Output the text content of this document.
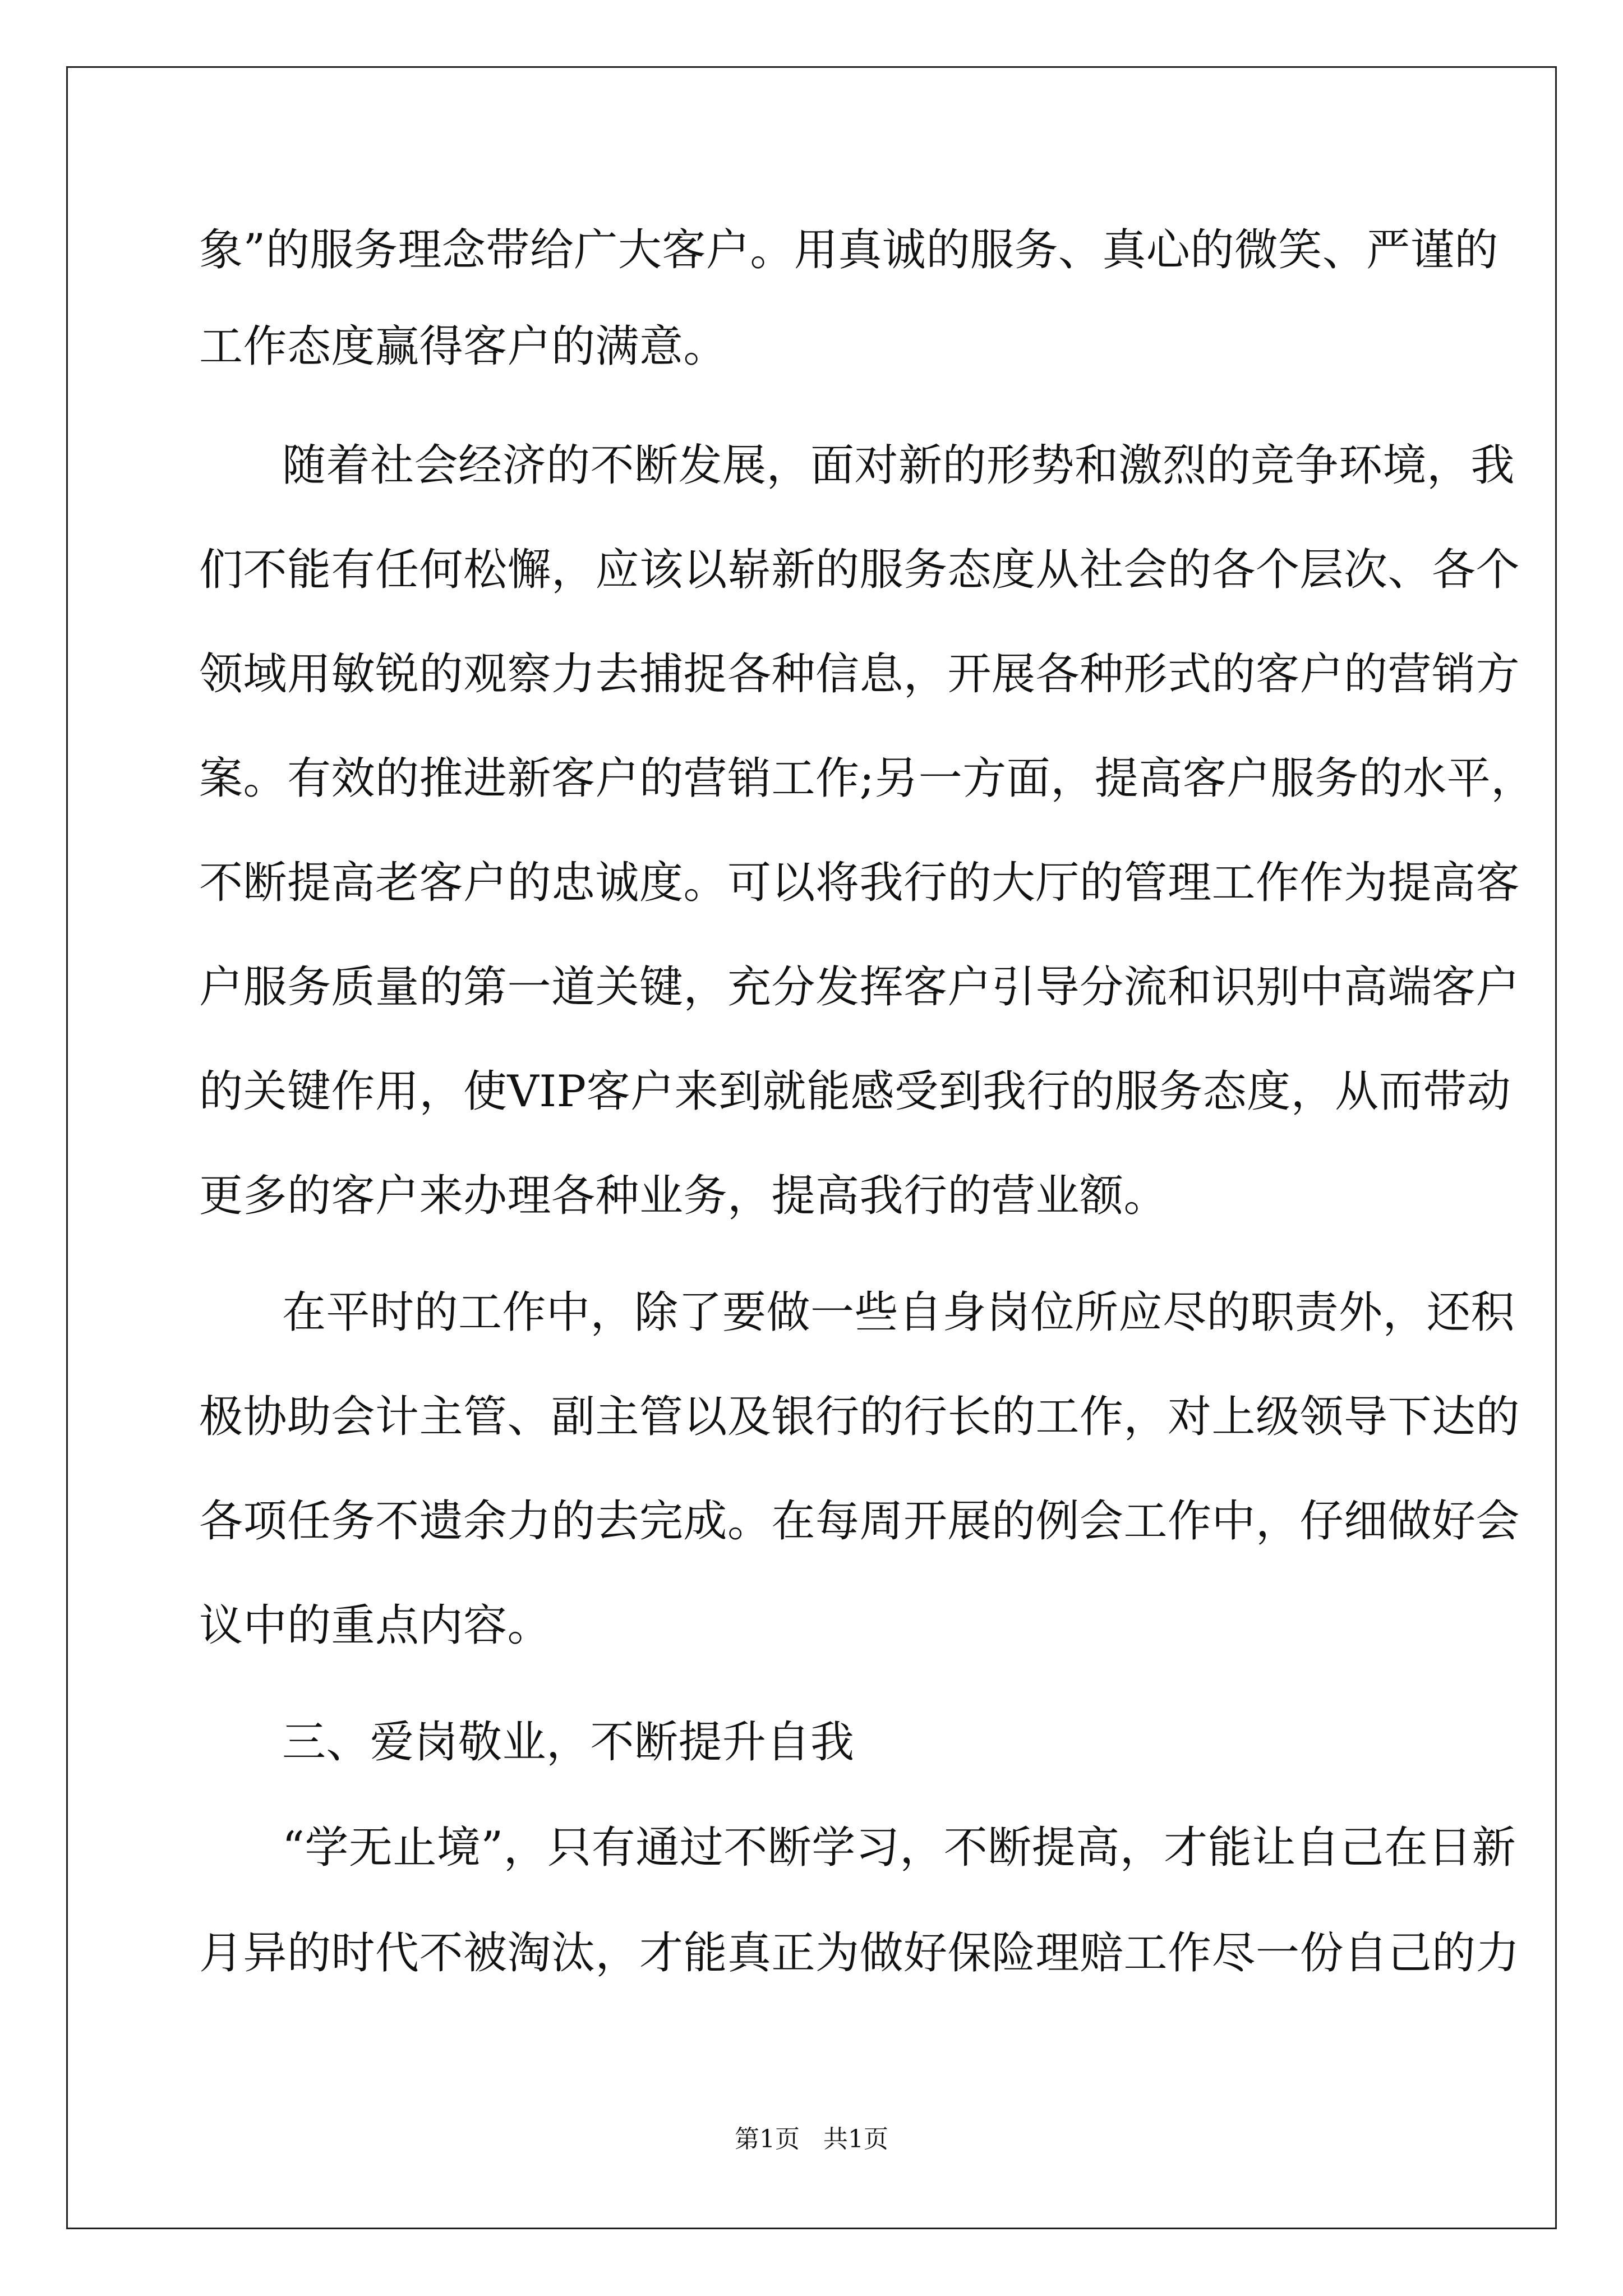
象”的服务理念带给广大客户。用真诚的服务、真心的微笑、严谨的
工作态度赢得客户的满意。
随着社会经济的不断发展，面对新的形势和激烈的竞争环境，我
们不能有任何松懈，应该以崭新的服务态度从社会的各个层次、各个
领域用敏锐的观察力去捕捉各种信息，开展各种形式的客户的营销方
案。有效的推进新客户的营销工作;另一方面，提高客户服务的水平，
不断提高老客户的忠诚度。可以将我行的大厅的管理工作作为提高客
户服务质量的第一道关键，充分发挥客户引导分流和识别中高端客户
的关键作用，使VIP客户来到就能感受到我行的服务态度，从而带动
更多的客户来办理各种业务，提高我行的营业额。
在平时的工作中，除了要做一些自身岗位所应尽的职责外，还积
极协助会计主管、副主管以及银行的行长的工作，对上级领导下达的
各项任务不遗余力的去完成。在每周开展的例会工作中，仔细做好会
议中的重点内容。
三、爱岗敬业，不断提升自我
“学无止境”，只有通过不断学习，不断提高，才能让自己在日新
月异的时代不被淘汰，才能真正为做好保险理赔工作尽一份自己的力
第1页   共1页
